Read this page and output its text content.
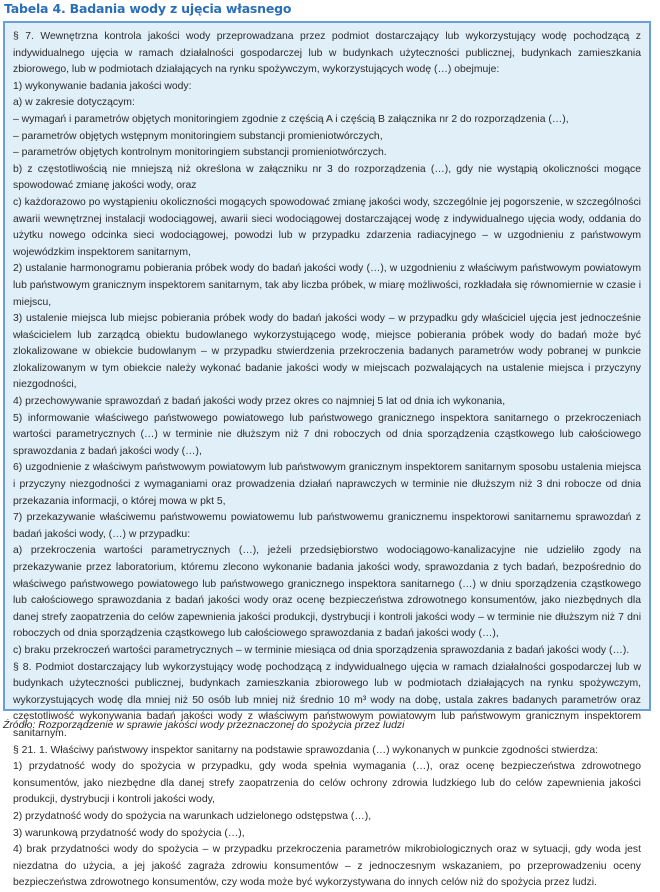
Tabela 4. Badania wody z ujęcia własnego

§ 7. Wewnętrzna kontrola jakości wody przeprowadzana przez podmiot dostarczający lub wykorzystujący wodę pochodzącą z indywidualnego ujęcia w ramach działalności gospodarczej lub w budynkach użyteczności publicznej, budynkach zamieszkania zbiorowego, lub w podmiotach działających na rynku spożywczym, wykorzystujących wodę (…) obejmuje:

1) wykonywanie badania jakości wody:

a) w zakresie dotyczącym:

– wymagań i parametrów objętych monitoringiem zgodnie z częścią A i częścią B załącznika nr 2 do rozporządzenia (…),

– parametrów objętych wstępnym monitoringiem substancji promieniotwórczych,

– parametrów objętych kontrolnym monitoringiem substancji promieniotwórczych.

b) z częstotliwością nie mniejszą niż określona w załączniku nr 3 do rozporządzenia (…), gdy nie wystąpią okoliczności mogące spowodować zmianę jakości wody, oraz

c) każdorazowo po wystąpieniu okoliczności mogących spowodować zmianę jakości wody, szczególnie jej pogorszenie, w szczególności awarii wewnętrznej instalacji wodociągowej, awarii sieci wodociągowej dostarczającej wodę z indywidualnego ujęcia wody, oddania do użytku nowego odcinka sieci wodociągowej, powodzi lub w przypadku zdarzenia radiacyjnego – w uzgodnieniu z państwowym wojewódzkim inspektorem sanitarnym,

2) ustalanie harmonogramu pobierania próbek wody do badań jakości wody (…), w uzgodnieniu z właściwym państwowym powiatowym lub państwowym granicznym inspektorem sanitarnym, tak aby liczba próbek, w miarę możliwości, rozkładała się równomiernie w czasie i miejscu,

3) ustalenie miejsca lub miejsc pobierania próbek wody do badań jakości wody – w przypadku gdy właściciel ujęcia jest jednocześnie właścicielem lub zarządcą obiektu budowlanego wykorzystującego wodę, miejsce pobierania próbek wody do badań może być zlokalizowane w obiekcie budowlanym – w przypadku stwierdzenia przekroczenia badanych parametrów wody pobranej w punkcie zlokalizowanym w tym obiekcie należy wykonać badanie jakości wody w miejscach pozwalających na ustalenie miejsca i przyczyny niezgodności,

4) przechowywanie sprawozdań z badań jakości wody przez okres co najmniej 5 lat od dnia ich wykonania,

5) informowanie właściwego państwowego powiatowego lub państwowego granicznego inspektora sanitarnego o przekroczeniach wartości parametrycznych (…) w terminie nie dłuższym niż 7 dni roboczych od dnia sporządzenia cząstkowego lub całościowego sprawozdania z badań jakości wody (…),

6) uzgodnienie z właściwym państwowym powiatowym lub państwowym granicznym inspektorem sanitarnym sposobu ustalenia miejsca i przyczyny niezgodności z wymaganiami oraz prowadzenia działań naprawczych w terminie nie dłuższym niż 3 dni robocze od dnia przekazania informacji, o której mowa w pkt 5,

7) przekazywanie właściwemu państwowemu powiatowemu lub państwowemu granicznemu inspektorowi sanitarnemu sprawozdań z badań jakości wody, (…) w przypadku:

a) przekroczenia wartości parametrycznych (…), jeżeli przedsiębiorstwo wodociągowo-kanalizacyjne nie udzieliło zgody na przekazywanie przez laboratorium, któremu zlecono wykonanie badania jakości wody, sprawozdania z tych badań, bezpośrednio do właściwego państwowego powiatowego lub państwowego granicznego inspektora sanitarnego (…) w dniu sporządzenia cząstkowego lub całościowego sprawozdania z badań jakości wody oraz ocenę bezpieczeństwa zdrowotnego konsumentów, jako niezbędnych dla danej strefy zaopatrzenia do celów zapewnienia jakości produkcji, dystrybucji i kontroli jakości wody – w terminie nie dłuższym niż 7 dni roboczych od dnia sporządzenia cząstkowego lub całościowego sprawozdania z badań jakości wody (…),

c) braku przekroczeń wartości parametrycznych – w terminie miesiąca od dnia sporządzenia sprawozdania z badań jakości wody (…).

§ 8. Podmiot dostarczający lub wykorzystujący wodę pochodzącą z indywidualnego ujęcia w ramach działalności gospodarczej lub w budynkach użyteczności publicznej, budynkach zamieszkania zbiorowego lub w podmiotach działających na rynku spożywczym, wykorzystujących wodę dla mniej niż 50 osób lub mniej niż średnio 10 m³ wody na dobę, ustala zakres badanych parametrów oraz częstotliwość wykonywania badań jakości wody z właściwym państwowym powiatowym lub państwowym granicznym inspektorem sanitarnym.

§ 21. 1. Właściwy państwowy inspektor sanitarny na podstawie sprawozdania (…) wykonanych w punkcie zgodności stwierdza:

1) przydatność wody do spożycia w przypadku, gdy woda spełnia wymagania (…), oraz ocenę bezpieczeństwa zdrowotnego konsumentów, jako niezbędne dla danej strefy zaopatrzenia do celów ochrony zdrowia ludzkiego lub do celów zapewnienia jakości produkcji, dystrybucji i kontroli jakości wody,

2) przydatność wody do spożycia na warunkach udzielonego odstępstwa (…),

3) warunkową przydatność wody do spożycia (…),

4) brak przydatności wody do spożycia – w przypadku przekroczenia parametrów mikrobiologicznych oraz w sytuacji, gdy woda jest niezdatna do użycia, a jej jakość zagraża zdrowiu konsumentów – z jednoczesnym wskazaniem, po przeprowadzeniu oceny bezpieczeństwa zdrowotnego konsumentów, czy woda może być wykorzystywana do innych celów niż do spożycia przez ludzi.

Źródło: Rozporządzenie w sprawie jakości wody przeznaczonej do spożycia przez ludzi
